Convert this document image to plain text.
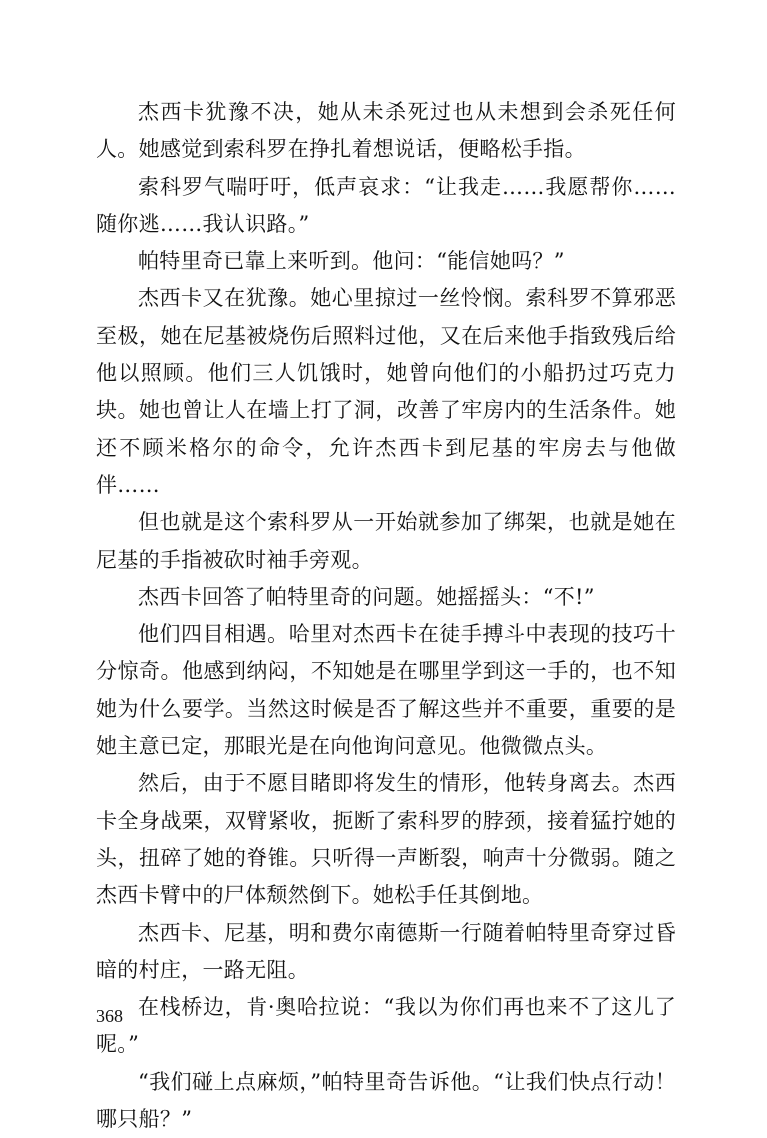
杰西卡犹豫不决，她从未杀死过也从未想到会杀死任何人。她感觉到索科罗在挣扎着想说话，便略松手指。

索科罗气喘吁吁，低声哀求：“让我走……我愿帮你……随你逃……我认识路。”

帕特里奇已靠上来听到。他问：“能信她吗？”

杰西卡又在犹豫。她心里掠过一丝怜悯。索科罗不算邪恶至极，她在尼基被烧伤后照料过他，又在后来他手指致残后给他以照顾。他们三人饥饿时，她曾向他们的小船扔过巧克力块。她也曾让人在墙上打了洞，改善了牢房内的生活条件。她还不顾米格尔的命令，允许杰西卡到尼基的牢房去与他做伴……

但也就是这个索科罗从一开始就参加了绑架，也就是她在尼基的手指被砍时袖手旁观。

杰西卡回答了帕特里奇的问题。她摇摇头：“不!”

他们四目相遇。哈里对杰西卡在徒手搏斗中表现的技巧十分惊奇。他感到纳闷，不知她是在哪里学到这一手的，也不知她为什么要学。当然这时候是否了解这些并不重要，重要的是她主意已定，那眼光是在向他询问意见。他微微点头。

然后，由于不愿目睹即将发生的情形，他转身离去。杰西卡全身战栗，双臂紧收，扼断了索科罗的脖颈，接着猛拧她的头，扭碎了她的脊锥。只听得一声断裂，响声十分微弱。随之杰西卡臂中的尸体颓然倒下。她松手任其倒地。

杰西卡、尼基，明和费尔南德斯一行随着帕特里奇穿过昏暗的村庄，一路无阻。

在栈桥边，肯·奥哈拉说：“我以为你们再也来不了这儿了呢。”

“我们碰上点麻烦，”帕特里奇告诉他。“让我们快点行动！哪只船？”

368
